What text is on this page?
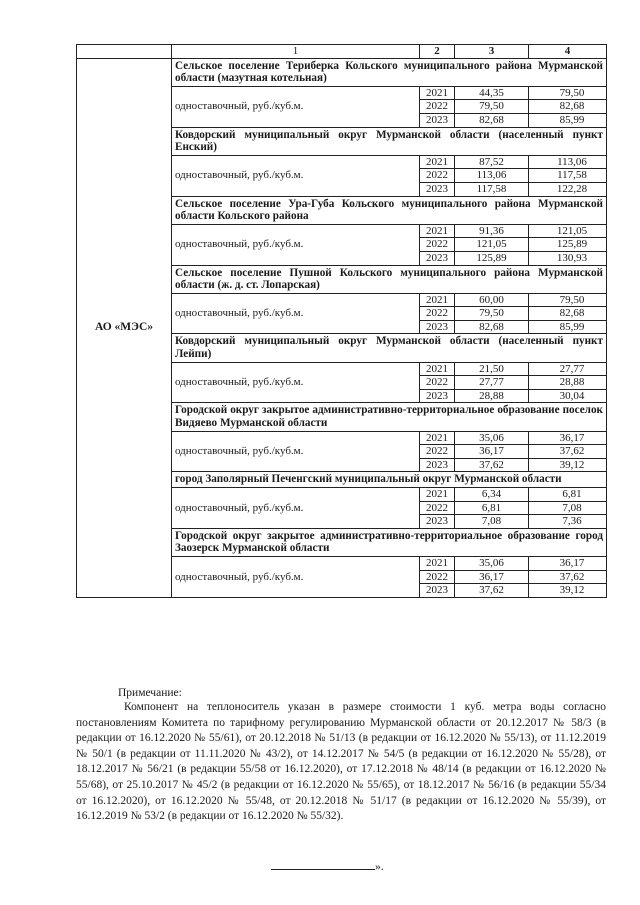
	1	2	3	4
АО «МЭС»	Сельское поселение Териберка Кольского муниципального района Мурманской области (мазутная котельная)			
	одноставочный, руб./куб.м.	2021	44,35	79,50
		2022	79,50	82,68
		2023	82,68	85,99
	Ковдорский муниципальный округ Мурманской области (населенный пункт Енский)			
	одноставочный, руб./куб.м.	2021	87,52	113,06
		2022	113,06	117,58
		2023	117,58	122,28
	Сельское поселение Ура-Губа Кольского муниципального района Мурманской области Кольского района			
	одноставочный, руб./куб.м.	2021	91,36	121,05
		2022	121,05	125,89
		2023	125,89	130,93
	Сельское поселение Пушной Кольского муниципального района Мурманской области (ж. д. ст. Лопарская)			
	одноставочный, руб./куб.м.	2021	60,00	79,50
		2022	79,50	82,68
		2023	82,68	85,99
	Ковдорский муниципальный округ Мурманской области (населенный пункт Лейпи)			
	одноставочный, руб./куб.м.	2021	21,50	27,77
		2022	27,77	28,88
		2023	28,88	30,04
	Городской округ закрытое административно-территориальное образование поселок Видяево Мурманской области			
	одноставочный, руб./куб.м.	2021	35,06	36,17
		2022	36,17	37,62
		2023	37,62	39,12
	город Заполярный Печенгский муниципальный округ Мурманской области			
	одноставочный, руб./куб.м.	2021	6,34	6,81
		2022	6,81	7,08
		2023	7,08	7,36
	Городской округ закрытое административно-территориальное образование город Заозерск Мурманской области			
	одноставочный, руб./куб.м.	2021	35,06	36,17
		2022	36,17	37,62
		2023	37,62	39,12
Примечание:
Компонент на теплоноситель указан в размере стоимости 1 куб. метра воды согласно постановлениям Комитета по тарифному регулированию Мурманской области от 20.12.2017 № 58/3 (в редакции от 16.12.2020 № 55/61), от 20.12.2018 № 51/13 (в редакции от 16.12.2020 № 55/13), от 11.12.2019 № 50/1 (в редакции от 11.11.2020 № 43/2), от 14.12.2017 № 54/5 (в редакции от 16.12.2020 № 55/28), от 18.12.2017 № 56/21 (в редакции 55/58 от 16.12.2020), от 17.12.2018 № 48/14 (в редакции от 16.12.2020 № 55/68), от 25.10.2017 № 45/2 (в редакции от 16.12.2020 № 55/65), от 18.12.2017 № 56/16 (в редакции 55/34 от 16.12.2020), от 16.12.2020 № 55/48, от 20.12.2018 № 51/17 (в редакции от 16.12.2020 № 55/39), от 16.12.2019 № 53/2 (в редакции от 16.12.2020 № 55/32).
».
